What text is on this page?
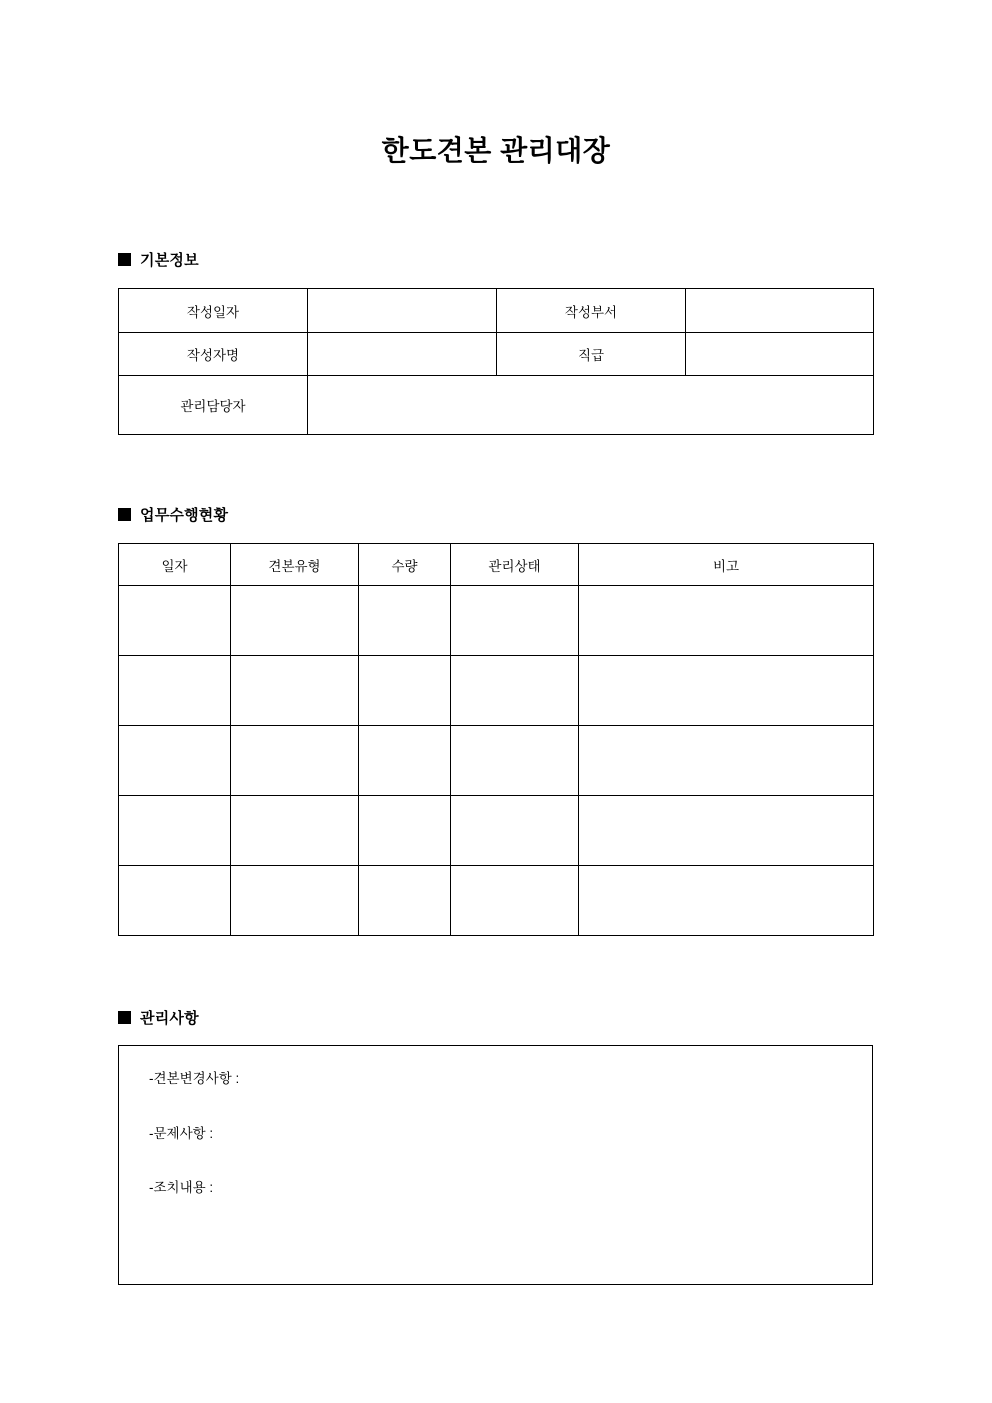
한도견본 관리대장
기본정보
작성일자		작성부서	
작성자명		직급	
관리담당자			
업무수행현황
일자	견본유형	수량	관리상태	비고

관리사항
-견본변경사항 :
-문제사항 :
-조치내용 :
